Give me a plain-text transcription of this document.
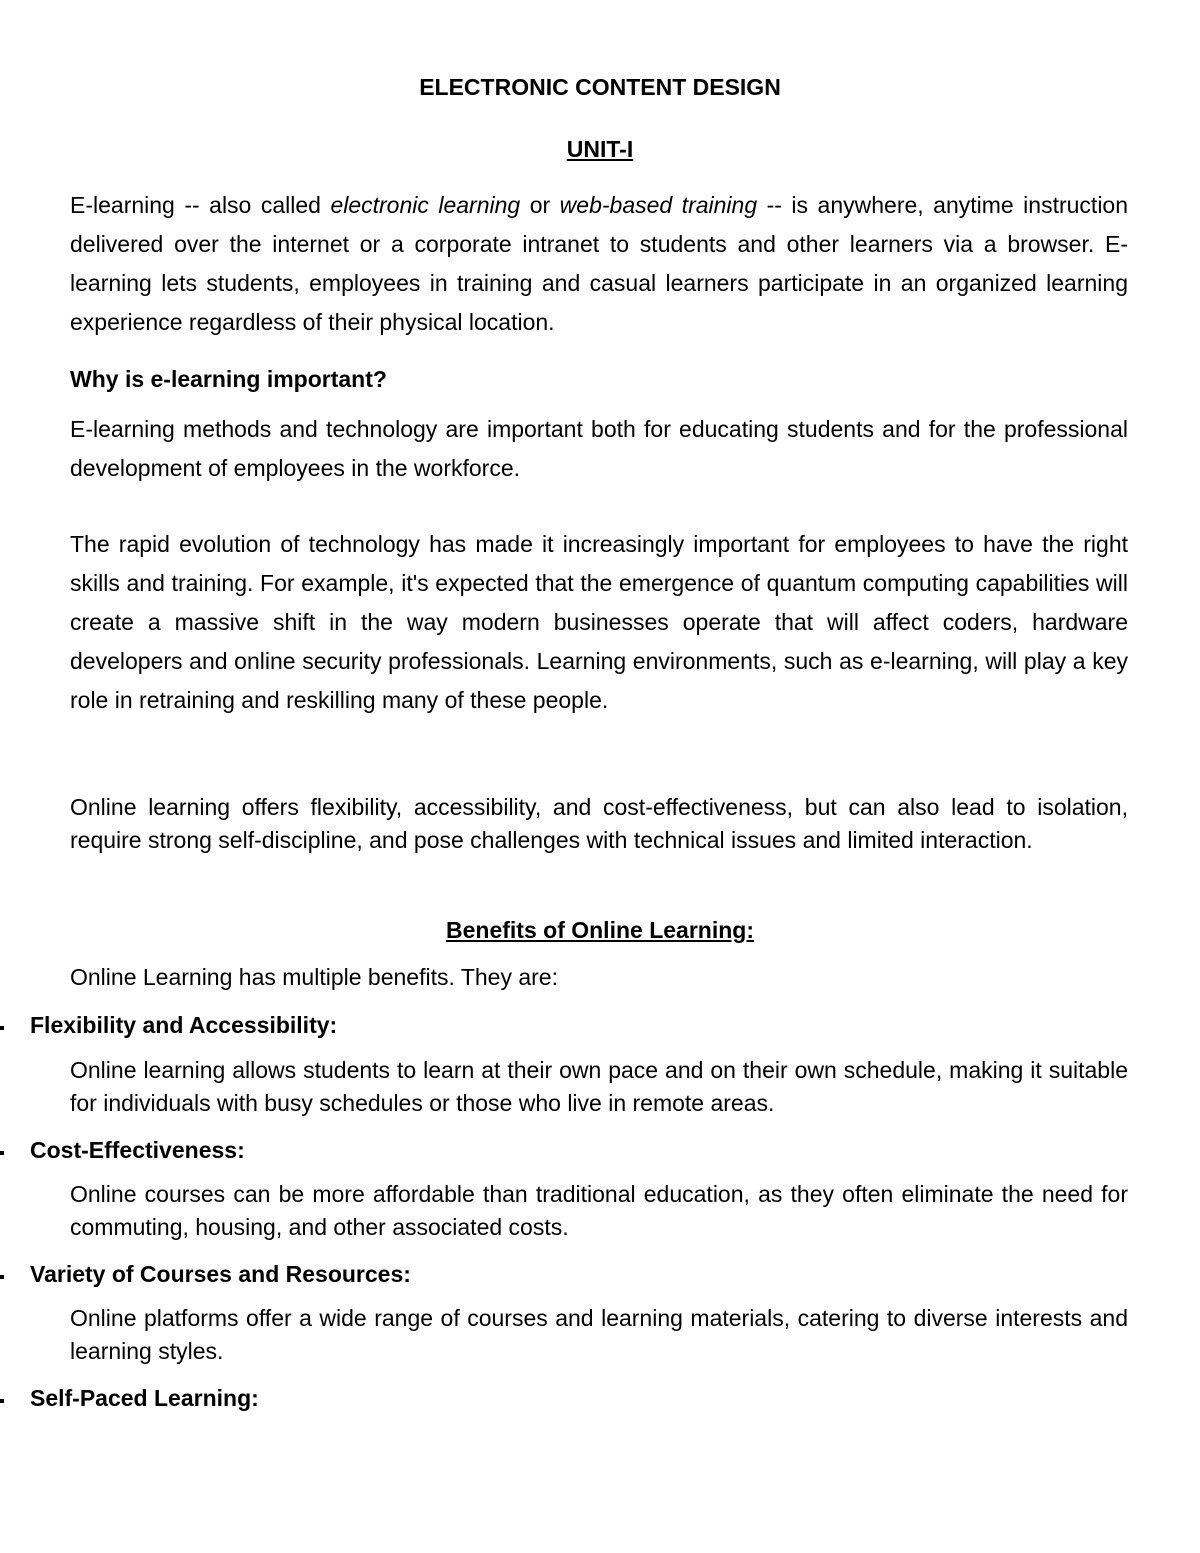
ELECTRONIC CONTENT DESIGN

UNIT-I

E-learning -- also called electronic learning or web-based training -- is anywhere, anytime instruction delivered over the internet or a corporate intranet to students and other learners via a browser. E-learning lets students, employees in training and casual learners participate in an organized learning experience regardless of their physical location.

Why is e-learning important?

E-learning methods and technology are important both for educating students and for the professional development of employees in the workforce.

The rapid evolution of technology has made it increasingly important for employees to have the right skills and training. For example, it's expected that the emergence of quantum computing capabilities will create a massive shift in the way modern businesses operate that will affect coders, hardware developers and online security professionals. Learning environments, such as e-learning, will play a key role in retraining and reskilling many of these people.

Online learning offers flexibility, accessibility, and cost-effectiveness, but can also lead to isolation, require strong self-discipline, and pose challenges with technical issues and limited interaction.

Benefits of Online Learning:

Online Learning has multiple benefits. They are:

Flexibility and Accessibility:

Online learning allows students to learn at their own pace and on their own schedule, making it suitable for individuals with busy schedules or those who live in remote areas.

Cost-Effectiveness:

Online courses can be more affordable than traditional education, as they often eliminate the need for commuting, housing, and other associated costs.

Variety of Courses and Resources:

Online platforms offer a wide range of courses and learning materials, catering to diverse interests and learning styles.

Self-Paced Learning:
